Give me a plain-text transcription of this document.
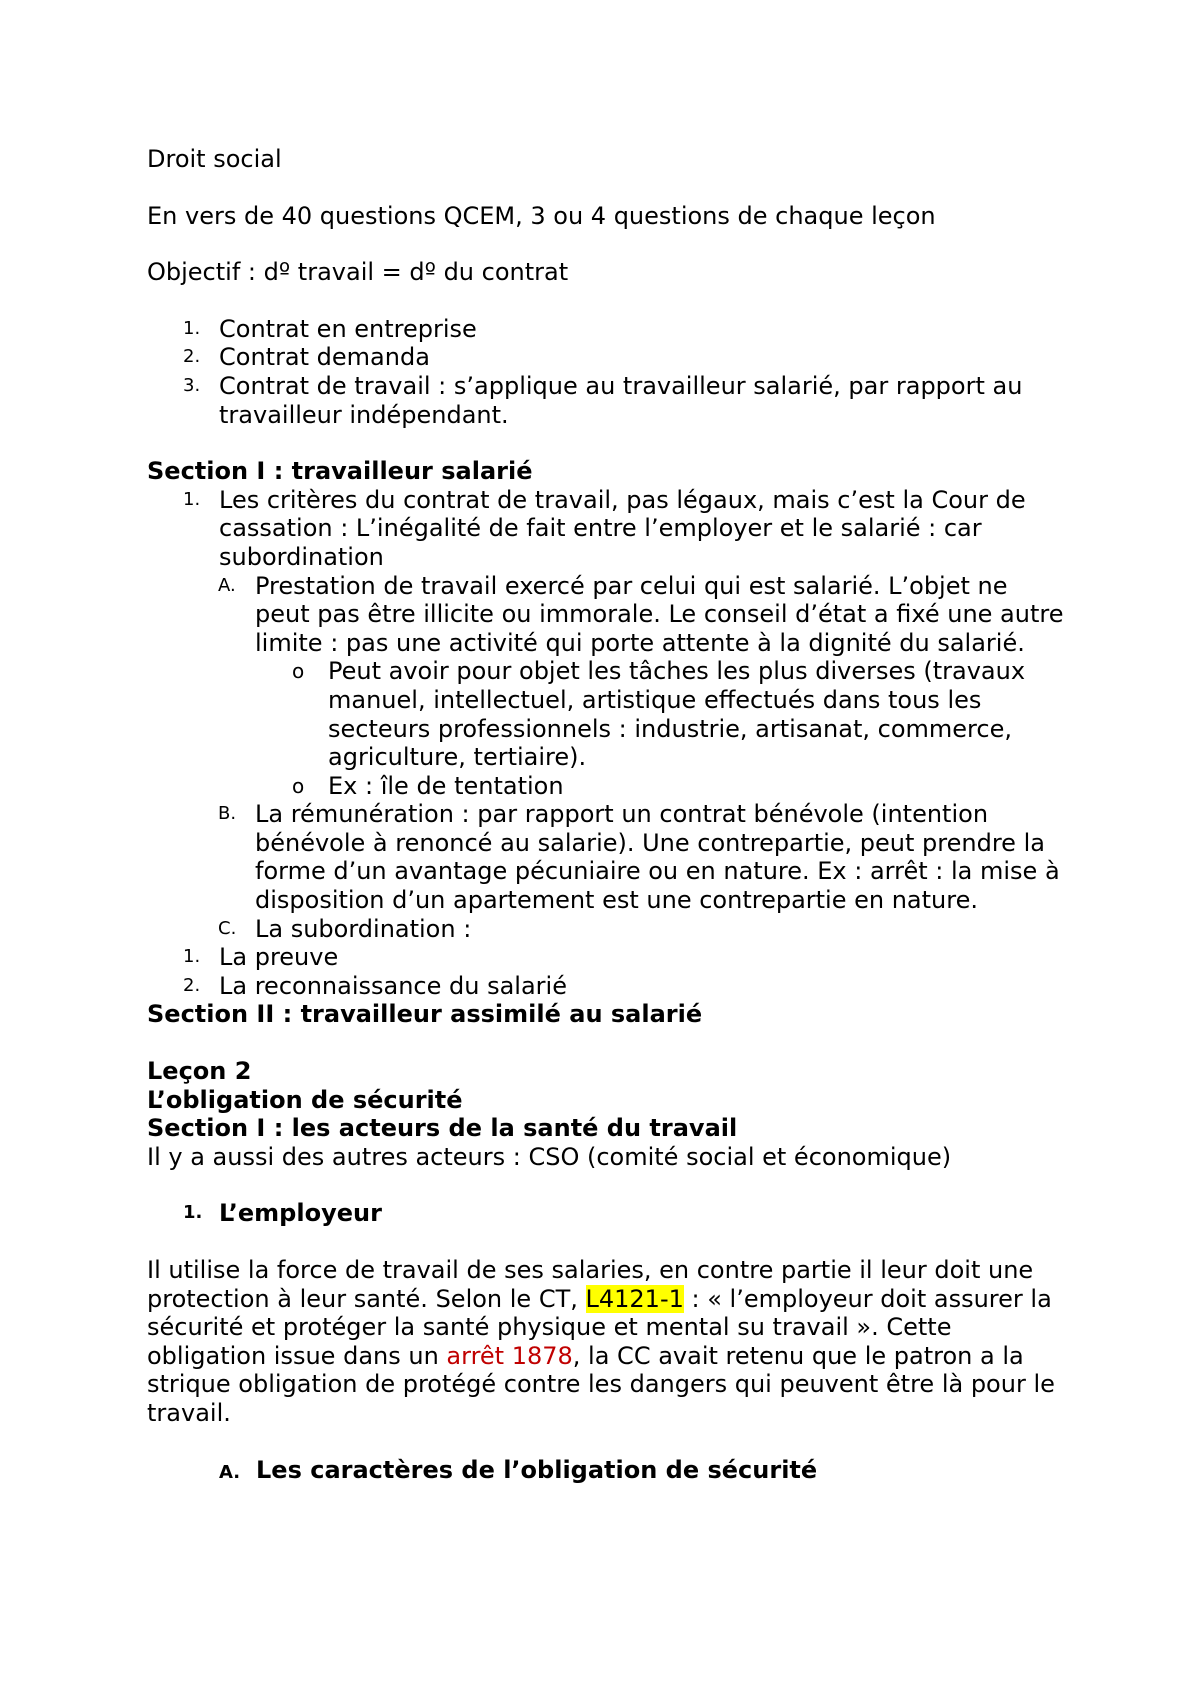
Droit social

En vers de 40 questions QCEM, 3 ou 4 questions de chaque leçon

Objectif : dº travail = dº du contrat

1. Contrat en entreprise
2. Contrat demanda
3. Contrat de travail : s’applique au travailleur salarié, par rapport au travailleur indépendant.

Section I : travailleur salarié

1. Les critères du contrat de travail, pas légaux, mais c’est la Cour de cassation : L’inégalité de fait entre l’employer et le salarié : car subordination
A. Prestation de travail exercé par celui qui est salarié. L’objet ne peut pas être illicite ou immorale. Le conseil d’état a fixé une autre limite : pas une activité qui porte attente à la dignité du salarié.
o Peut avoir pour objet les tâches les plus diverses (travaux manuel, intellectuel, artistique effectués dans tous les secteurs professionnels : industrie, artisanat, commerce, agriculture, tertiaire).
o Ex : île de tentation
B. La rémunération : par rapport un contrat bénévole (intention bénévole à renoncé au salarie). Une contrepartie, peut prendre la forme d’un avantage pécuniaire ou en nature. Ex : arrêt : la mise à disposition d’un apartement est une contrepartie en nature.
C. La subordination :
1. La preuve
2. La reconnaissance du salarié

Section II : travailleur assimilé au salarié

Leçon 2

L’obligation de sécurité

Section I : les acteurs de la santé du travail

Il y a aussi des autres acteurs : CSO (comité social et économique)

1. L’employeur

Il utilise la force de travail de ses salaries, en contre partie il leur doit une protection à leur santé. Selon le CT, L4121-1 : « l’employeur doit assurer la sécurité et protéger la santé physique et mental su travail ». Cette obligation issue dans un arrêt 1878, la CC avait retenu que le patron a la strique obligation de protégé contre les dangers qui peuvent être là pour le travail.

A. Les caractères de l’obligation de sécurité
